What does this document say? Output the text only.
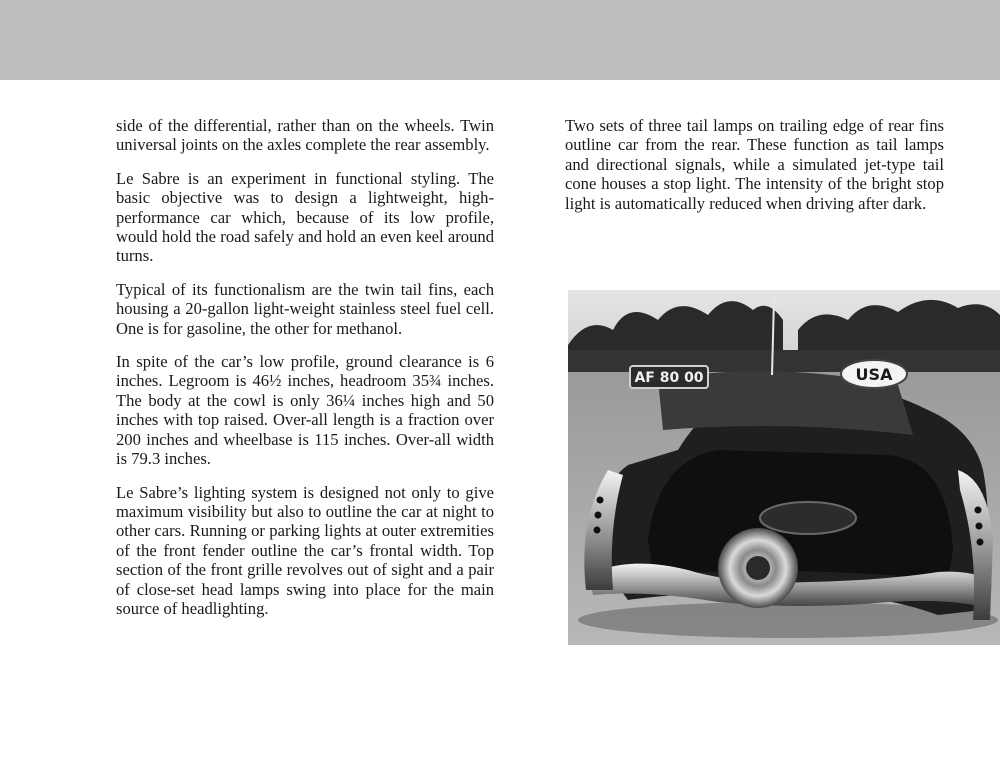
side of the differential, rather than on the wheels. Twin universal joints on the axles complete the rear assembly.

Le Sabre is an experiment in functional styling. The basic objective was to design a lightweight, high-performance car which, because of its low profile, would hold the road safely and hold an even keel around turns.

Typical of its functionalism are the twin tail fins, each housing a 20-gallon light-weight stainless steel fuel cell. One is for gasoline, the other for methanol.

In spite of the car’s low profile, ground clearance is 6 inches. Legroom is 46½ inches, headroom 35¾ inches. The body at the cowl is only 36¼ inches high and 50 inches with top raised. Over-all length is a fraction over 200 inches and wheelbase is 115 inches. Over-all width is 79.3 inches.

Le Sabre’s lighting system is designed not only to give maximum visibility but also to outline the car at night to other cars. Running or parking lights at outer extremities of the front fender outline the car’s frontal width. Top section of the front grille revolves out of sight and a pair of close-set head lamps swing into place for the main source of headlighting.

Two sets of three tail lamps on trailing edge of rear fins outline car from the rear. These function as tail lamps and directional signals, while a simulated jet-type tail cone houses a stop light. The intensity of the bright stop light is automatically reduced when driving after dark.

AF 80 00	USA
